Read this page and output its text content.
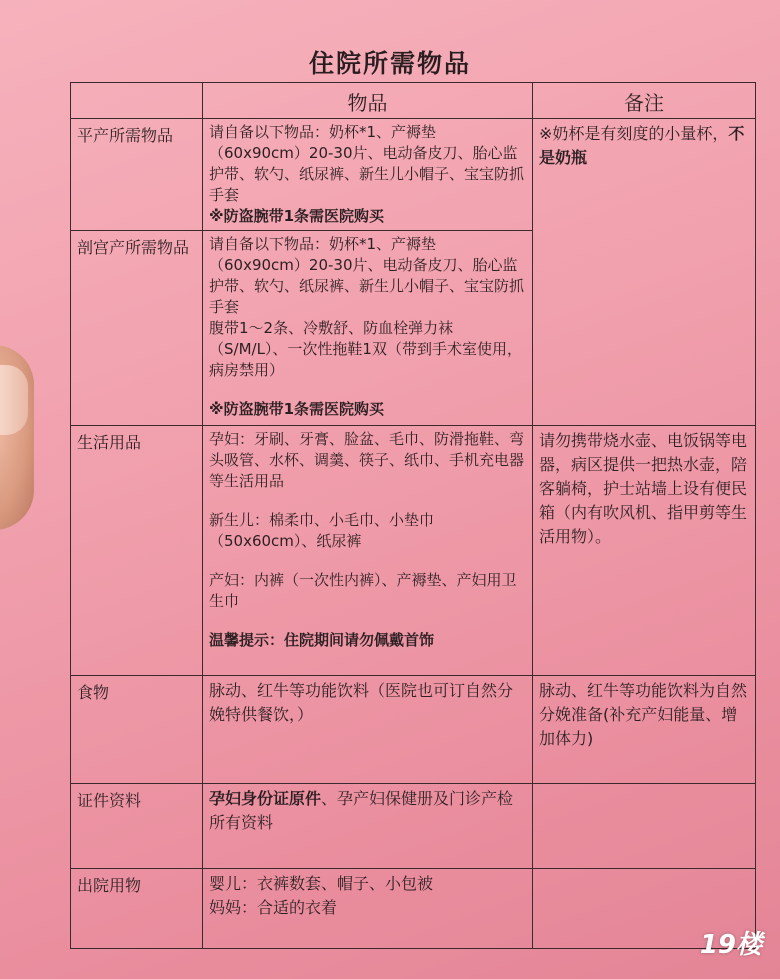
住院所需物品
	物品	备注
平产所需物品	请自备以下物品：奶杯*1、产褥垫（60x90cm）20-30片、电动备皮刀、胎心监护带、软勺、纸尿裤、新生儿小帽子、宝宝防抓手套
※防盗腕带1条需医院购买	※奶杯是有刻度的小量杯，不是奶瓶
剖宫产所需物品	请自备以下物品：奶杯*1、产褥垫（60x90cm）20-30片、电动备皮刀、胎心监护带、软勺、纸尿裤、新生儿小帽子、宝宝防抓手套
腹带1～2条、冷敷舒、防血栓弹力袜（S/M/L）、一次性拖鞋1双（带到手术室使用，病房禁用）
※防盗腕带1条需医院购买	

生活用品	孕妇：牙刷、牙膏、脸盆、毛巾、防滑拖鞋、弯头吸管、水杯、调羹、筷子、纸巾、手机充电器等生活用品
新生儿：棉柔巾、小毛巾、小垫巾（50x60cm）、纸尿裤
产妇：内裤（一次性内裤）、产褥垫、产妇用卫生巾
温馨提示：住院期间请勿佩戴首饰	请勿携带烧水壶、电饭锅等电器，病区提供一把热水壶，陪客躺椅，护士站墙上设有便民箱（内有吹风机、指甲剪等生活用物）。
食物	脉动、红牛等功能饮料（医院也可订自然分娩特供餐饮，）	脉动、红牛等功能饮料为自然分娩准备(补充产妇能量、增加体力)
证件资料	孕妇身份证原件、孕产妇保健册及门诊产检所有资料	
出院用物	婴儿：衣裤数套、帽子、小包被
妈妈：合适的衣着	

19楼
